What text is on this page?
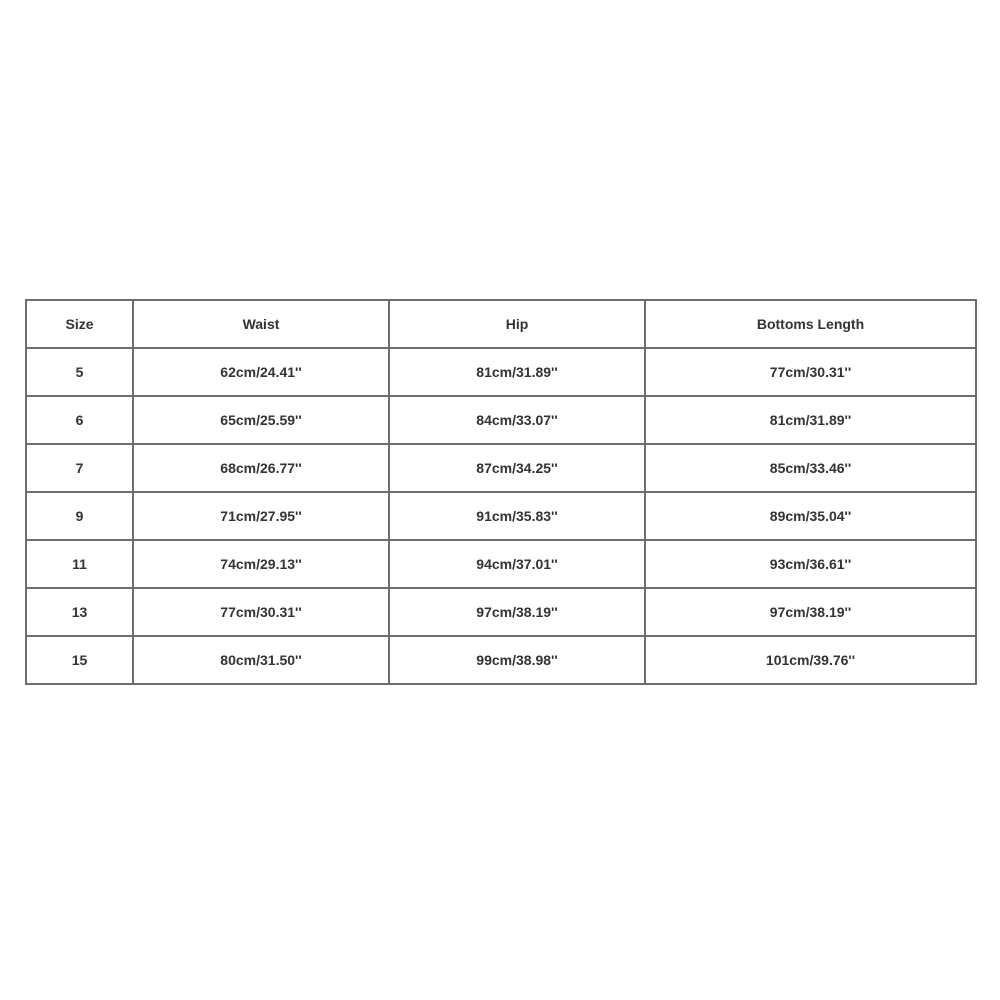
Size	Waist	Hip	Bottoms Length
5	62cm/24.41''	81cm/31.89''	77cm/30.31''
6	65cm/25.59''	84cm/33.07''	81cm/31.89''
7	68cm/26.77''	87cm/34.25''	85cm/33.46''
9	71cm/27.95''	91cm/35.83''	89cm/35.04''
11	74cm/29.13''	94cm/37.01''	93cm/36.61''
13	77cm/30.31''	97cm/38.19''	97cm/38.19''
15	80cm/31.50''	99cm/38.98''	101cm/39.76''
